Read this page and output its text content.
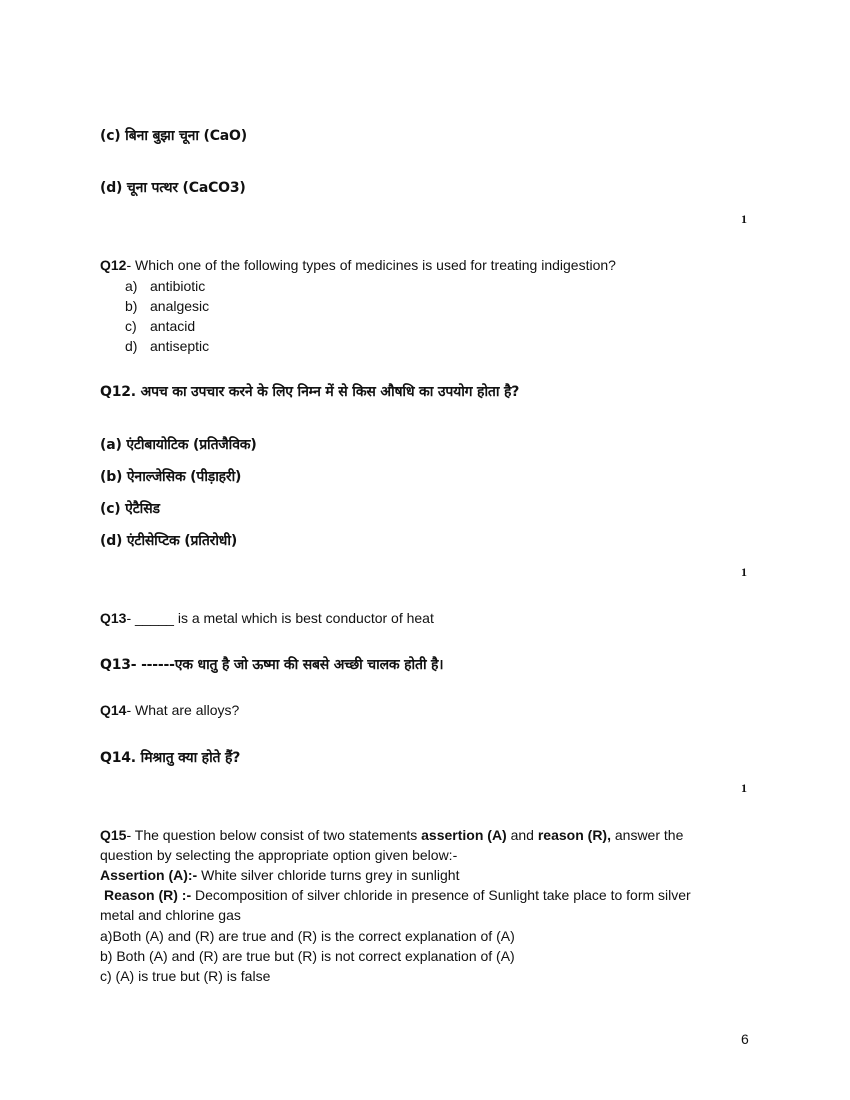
(c) बिना बुझा चूना (CaO)
(d) चूना पत्थर (CaCO3)
1
Q12- Which one of the following types of medicines is used for treating indigestion?
a) antibiotic
b) analgesic
c) antacid
d) antiseptic
Q12. अपच का उपचार करने के लिए निम्न में से किस औषधि का उपयोग होता है?
(a) एंटीबायोटिक (प्रतिजैविक)
(b) ऐनाल्जेसिक (पीड़ाहरी)
(c) ऐटैसिड
(d) एंटीसेप्टिक (प्रतिरोधी)
1
Q13- _____ is a metal which is best conductor of heat
Q13- ------एक धातु है जो ऊष्मा की सबसे अच्छी चालक होती है।
Q14- What are alloys?
Q14. मिश्रातु क्या होते हैं?
1
Q15- The question below consist of two statements assertion (A) and reason (R), answer the
question by selecting the appropriate option given below:-
Assertion (A):- White silver chloride turns grey in sunlight
Reason (R) :- Decomposition of silver chloride in presence of Sunlight take place to form silver
metal and chlorine gas
a)Both (A) and (R) are true and (R) is the correct explanation of (A)
b) Both (A) and (R) are true but (R) is not correct explanation of (A)
c) (A) is true but (R) is false
6
